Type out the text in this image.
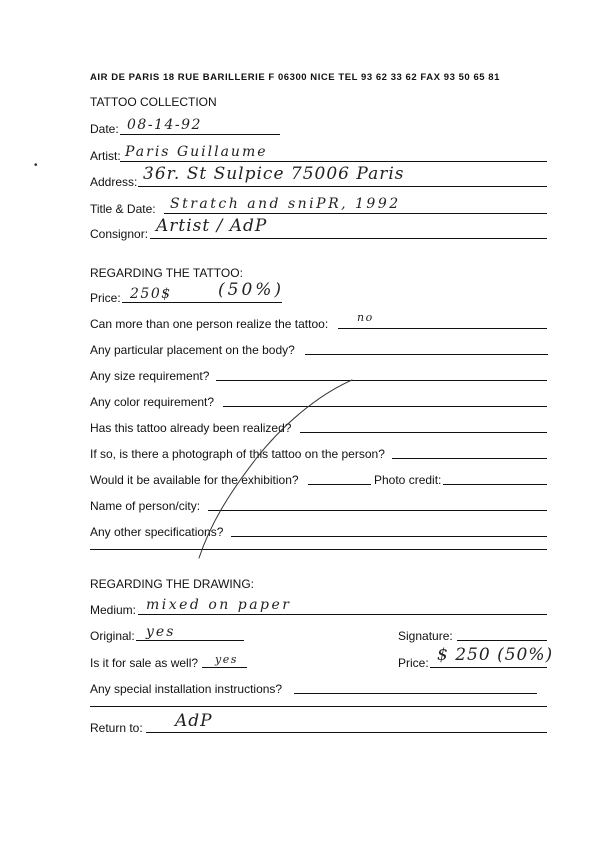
AIR DE PARIS 18 RUE BARILLERIE F 06300 NICE TEL 93 62 33 62 FAX 93 50 65 81
TATTOO COLLECTION
Date: 08-14-92
•
Artist: Paris Guillaume
Address: 36r. St Sulpice 75006 Paris
Title & Date: Stratch and sniPR, 1992
Consignor: Artist / AdP
REGARDING THE TATTOO:
Price: 250$	(50%)
Can more than one person realize the tattoo:	no
Any particular placement on the body?
Any size requirement?
Any color requirement?
Has this tattoo already been realized?
If so, is there a photograph of this tattoo on the person?
Would it be available for the exhibition?	Photo credit:
Name of person/city:
Any other specifications?
REGARDING THE DRAWING:
Medium: mixed on paper
Original: yes	Signature:
Is it for sale as well? yes	Price: $ 250 (50%)
Any special installation instructions?
Return to: AdP
